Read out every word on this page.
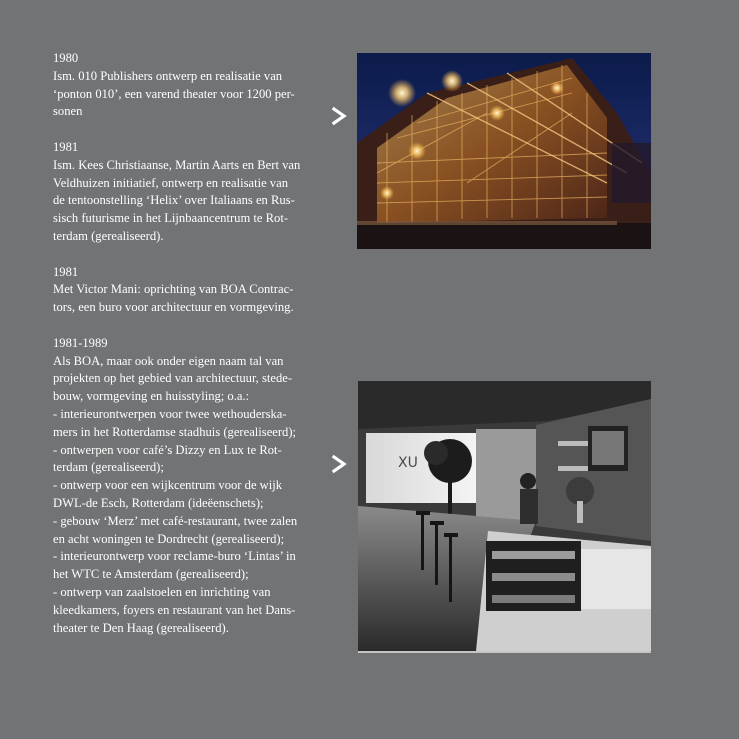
1980
Ism. 010 Publishers ontwerp en realisatie van
‘ponton 010’, een varend theater voor 1200 per-
sonen
1981
Ism. Kees Christiaanse, Martin Aarts en Bert van
Veldhuizen initiatief, ontwerp en realisatie van
de tentoonstelling ‘Helix’ over Italiaans en Rus-
sisch futurisme in het Lijnbaancentrum te Rot-
terdam (gerealiseerd).
1981
Met Victor Mani: oprichting van BOA Contrac-
tors, een buro voor architectuur en vormgeving.
1981-1989
Als BOA, maar ook onder eigen naam tal van
projekten op het gebied van architectuur, stede-
bouw, vormgeving en huisstyling; o.a.:
- interieurontwerpen voor twee wethouderska-
mers in het Rotterdamse stadhuis (gerealiseerd);
- ontwerpen voor café’s Dizzy en Lux te Rot-
terdam (gerealiseerd);
- ontwerp voor een wijkcentrum voor de wijk
DWL-de Esch, Rotterdam (ideëenschets);
- gebouw ‘Merz’ met café-restaurant, twee zalen
en acht woningen te Dordrecht (gerealiseerd);
- interieurontwerp voor reclame-buro ‘Lintas’ in
het WTC te Amsterdam (gerealiseerd);
- ontwerp van zaalstoelen en inrichting van
kleedkamers, foyers en restaurant van het Dans-
theater te Den Haag (gerealiseerd).
XU
